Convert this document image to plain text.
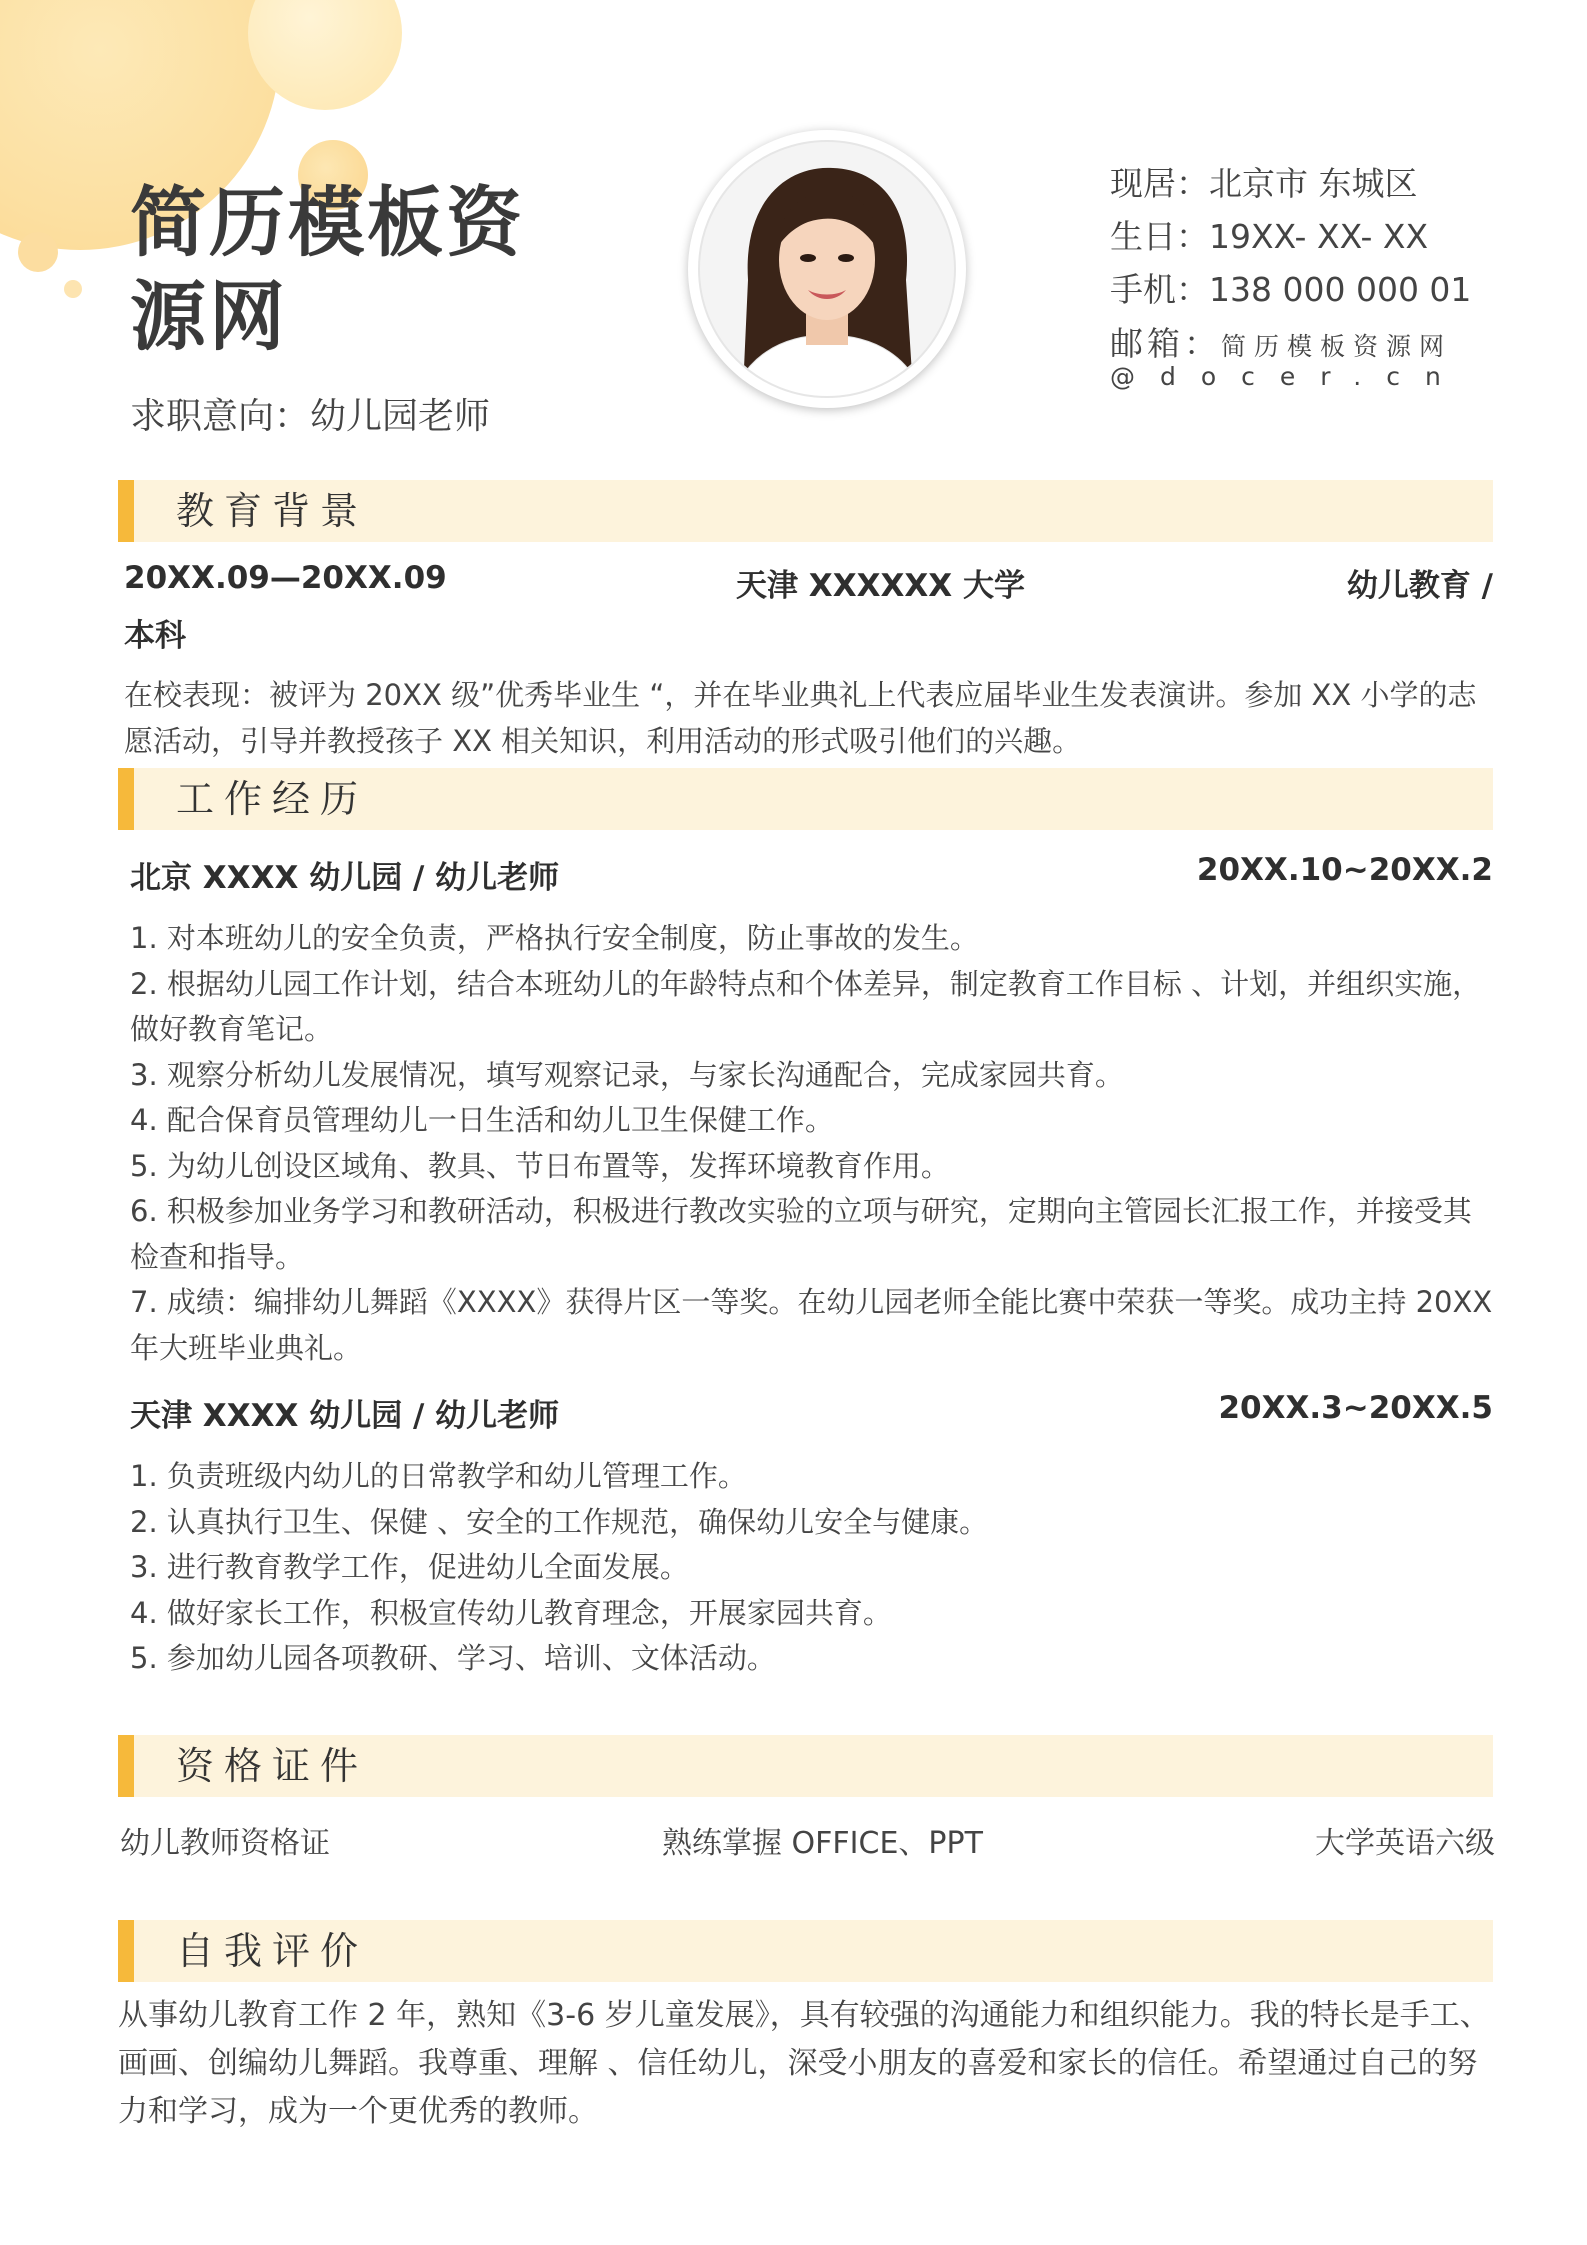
简历模板资源网
求职意向：幼儿园老师
现居：北京市 东城区
生日：19XX- XX- XX
手机：138 000 000 01
邮箱：简历模板资源网
@docer.cn
教育背景
20XX.09—20XX.09	天津 XXXXXX 大学	幼儿教育 /
本科
在校表现：被评为 20XX 级”优秀毕业生 “，并在毕业典礼上代表应届毕业生发表演讲。参加 XX 小学的志愿活动，引导并教授孩子 XX 相关知识，利用活动的形式吸引他们的兴趣。
工作经历
北京 XXXX 幼儿园 / 幼儿老师	20XX.10~20XX.2
1. 对本班幼儿的安全负责，严格执行安全制度，防止事故的发生。
2. 根据幼儿园工作计划，结合本班幼儿的年龄特点和个体差异，制定教育工作目标 、计划，并组织实施，做好教育笔记。
3. 观察分析幼儿发展情况，填写观察记录，与家长沟通配合，完成家园共育。
4. 配合保育员管理幼儿一日生活和幼儿卫生保健工作。
5. 为幼儿创设区域角、教具、节日布置等，发挥环境教育作用。
6. 积极参加业务学习和教研活动，积极进行教改实验的立项与研究，定期向主管园长汇报工作，并接受其检查和指导。
7. 成绩：编排幼儿舞蹈《XXXX》获得片区一等奖。在幼儿园老师全能比赛中荣获一等奖。成功主持 20XX 年大班毕业典礼。
天津 XXXX 幼儿园 / 幼儿老师	20XX.3~20XX.5
1. 负责班级内幼儿的日常教学和幼儿管理工作。
2. 认真执行卫生、保健 、安全的工作规范，确保幼儿安全与健康。
3. 进行教育教学工作，促进幼儿全面发展。
4. 做好家长工作，积极宣传幼儿教育理念，开展家园共育。
5. 参加幼儿园各项教研、学习、培训、文体活动。
资格证件
幼儿教师资格证	熟练掌握 OFFICE、PPT	大学英语六级
自我评价
从事幼儿教育工作 2 年，熟知《3-6 岁儿童发展》，具有较强的沟通能力和组织能力。我的特长是手工、画画、创编幼儿舞蹈。我尊重、理解 、信任幼儿，深受小朋友的喜爱和家长的信任。希望通过自己的努力和学习，成为一个更优秀的教师。
